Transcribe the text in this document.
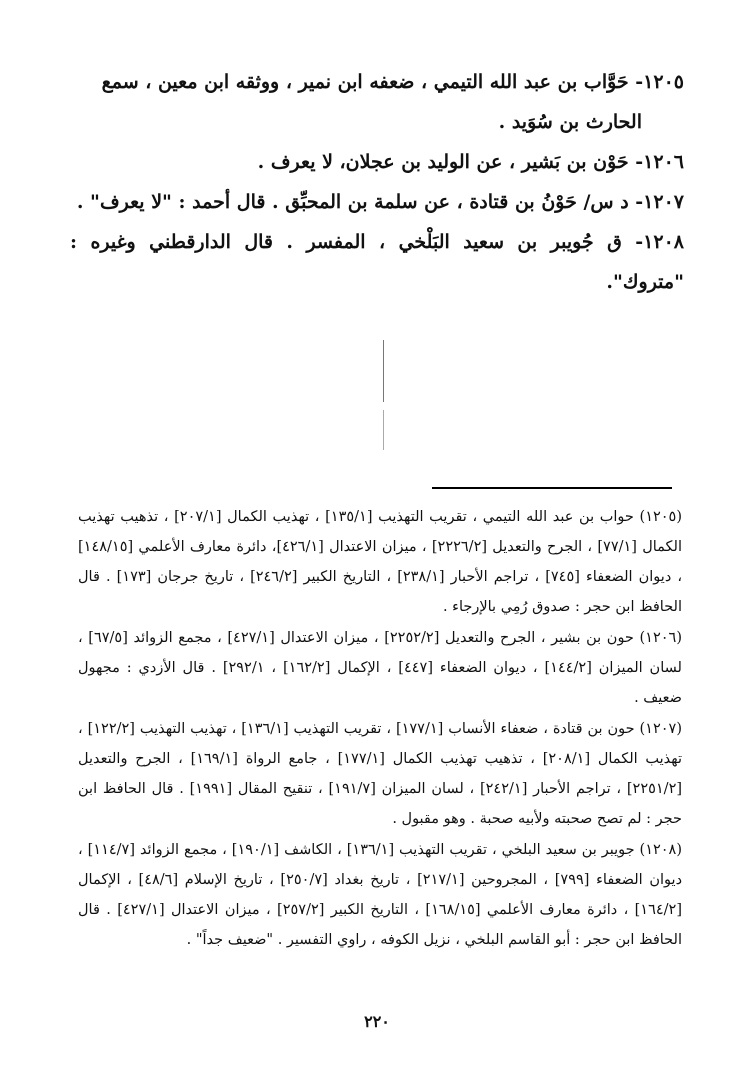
١٢٠٥- حَوَّاب بن عبد الله التيمي ، ضعفه ابن نمير ، ووثقه ابن معين ، سمع
الحارث بن سُوَيد .

١٢٠٦- حَوْن بن بَشير ، عن الوليد بن عجلان، لا يعرف .

١٢٠٧- د س/ حَوْنُ بن قتادة ، عن سلمة بن المحبِّق . قال أحمد : "لا يعرف" .

١٢٠٨- ق جُويبر بن سعيد البَلْخي ، المفسر . قال الدارقطني وغيره : "متروك".

(١٢٠٥) حواب بن عبد الله التيمي ، تقريب التهذيب [١٣٥/١] ، تهذيب الكمال [٢٠٧/١] ، تذهيب تهذيب الكمال [٧٧/١] ، الجرح والتعديل [٢٢٢٦/٢] ، ميزان الاعتدال [٤٢٦/١]، دائرة معارف الأعلمي [١٤٨/١٥] ، ديوان الضعفاء [٧٤٥] ، تراجم الأحبار [٢٣٨/١] ، التاريخ الكبير [٢٤٦/٢] ، تاريخ جرجان [١٧٣] . قال الحافظ ابن حجر : صدوق رُمِي بالإرجاء .

(١٢٠٦) حون بن بشير ، الجرح والتعديل [٢٢٥٢/٢] ، ميزان الاعتدال [٤٢٧/١] ، مجمع الزوائد [٦٧/٥] ، لسان الميزان [١٤٤/٢] ، ديوان الضعفاء [٤٤٧] ، الإكمال [١٦٢/٢] ، ٢٩٢/١] . قال الأزدي : مجهول ضعيف .

(١٢٠٧) حون بن قتادة ، ضعفاء الأنساب [١٧٧/١] ، تقريب التهذيب [١٣٦/١] ، تهذيب التهذيب [١٢٢/٢] ، تهذيب الكمال [٢٠٨/١] ، تذهيب تهذيب الكمال [١٧٧/١] ، جامع الرواة [١٦٩/١] ، الجرح والتعديل [٢٢٥١/٢] ، تراجم الأحبار [٢٤٢/١] ، لسان الميزان [١٩١/٧] ، تنقيح المقال [١٩٩١] . قال الحافظ ابن حجر : لم تصح صحبته ولأبيه صحبة . وهو مقبول .

(١٢٠٨) جويبر بن سعيد البلخي ، تقريب التهذيب [١٣٦/١] ، الكاشف [١٩٠/١] ، مجمع الزوائد [١١٤/٧] ، ديوان الضعفاء [٧٩٩] ، المجروحين [٢١٧/١] ، تاريخ بغداد [٢٥٠/٧] ، تاريخ الإسلام [٤٨/٦] ، الإكمال [١٦٤/٢] ، دائرة معارف الأعلمي [١٦٨/١٥] ، التاريخ الكبير [٢٥٧/٢] ، ميزان الاعتدال [٤٢٧/١] . قال الحافظ ابن حجر : أبو القاسم البلخي ، نزيل الكوفه ، راوي التفسير . "ضعيف جداً" .

٢٢٠
